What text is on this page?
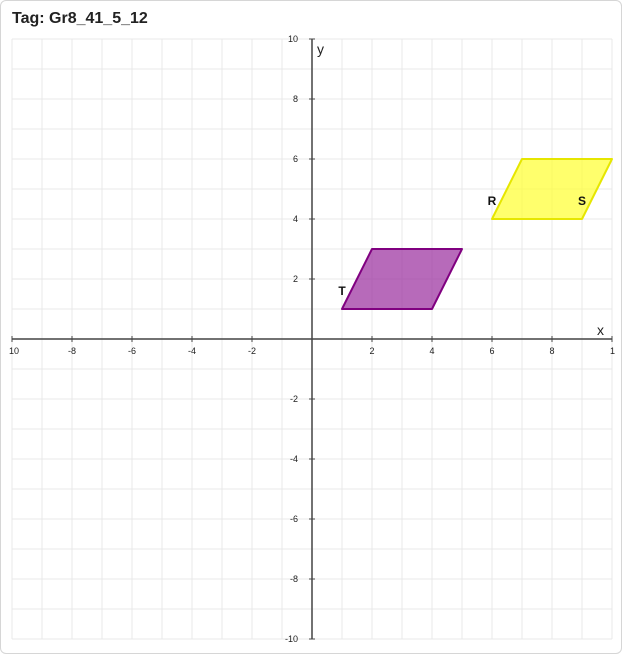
Tag: Gr8_41_5_12
10	-8	-6	-4	-2	2	4	6	8	1
10
8
6
4
2
-2
-4
-6
-8
-10
x
y
T
R	S
